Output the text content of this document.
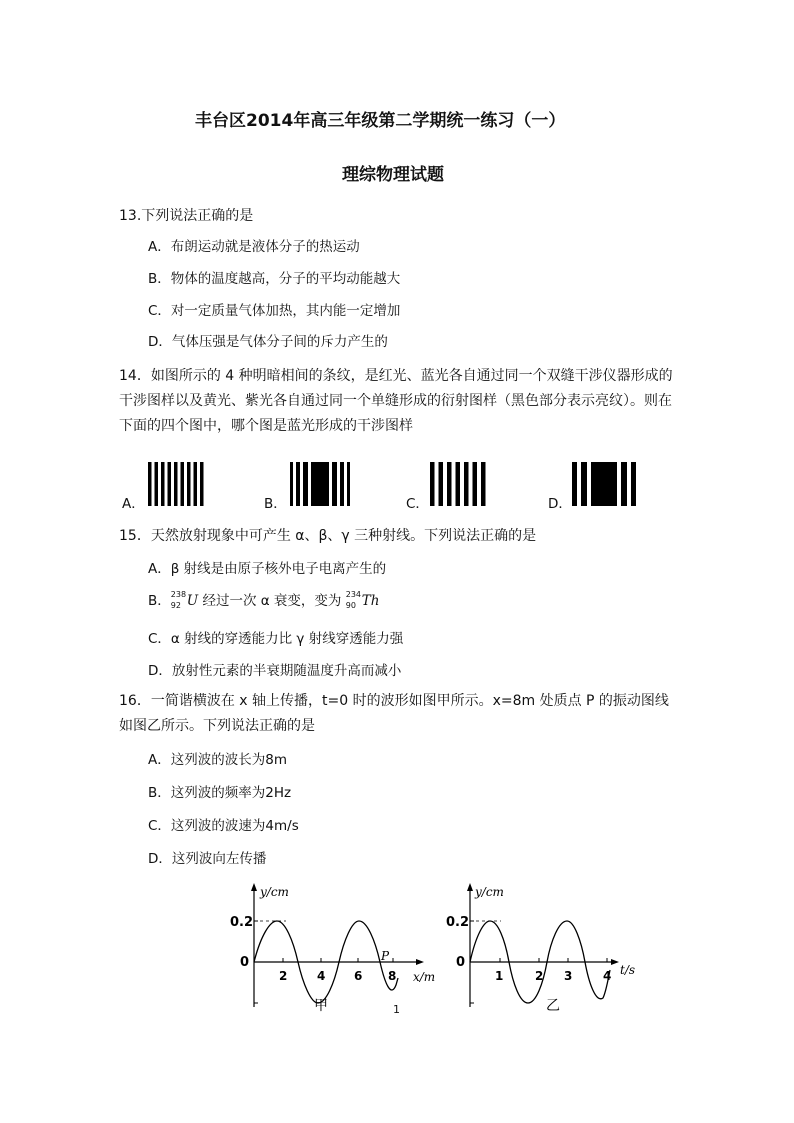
丰台区2014年高三年级第二学期统一练习（一）
理综物理试题
13.下列说法正确的是
A．布朗运动就是液体分子的热运动
B．物体的温度越高，分子的平均动能越大
C．对一定质量气体加热，其内能一定增加
D．气体压强是气体分子间的斥力产生的
14．如图所示的 4 种明暗相间的条纹，是红光、蓝光各自通过同一个双缝干涉仪器形成的干涉图样以及黄光、紫光各自通过同一个单缝形成的衍射图样（黑色部分表示亮纹）。则在下面的四个图中，哪个图是蓝光形成的干涉图样
A．	B．	C．	D．
15．天然放射现象中可产生 α、β、γ 三种射线。下列说法正确的是
A．β 射线是由原子核外电子电离产生的
B． 238
92 U 经过一次 α 衰变，变为 234
90 Th
C．α 射线的穿透能力比 γ 射线穿透能力强
D．放射性元素的半衰期随温度升高而减小
16．一简谐横波在 x 轴上传播，t=0 时的波形如图甲所示。x=8m 处质点 P 的振动图线如图乙所示。下列说法正确的是
A．这列波的波长为8m
B．这列波的频率为2Hz
C．这列波的波速为4m/s
D．这列波向左传播
y/cm
0.2
0
2 4 6 8
P
x/m
甲
y/cm
0.2
0
1	2 3	4 t/s
乙
1
